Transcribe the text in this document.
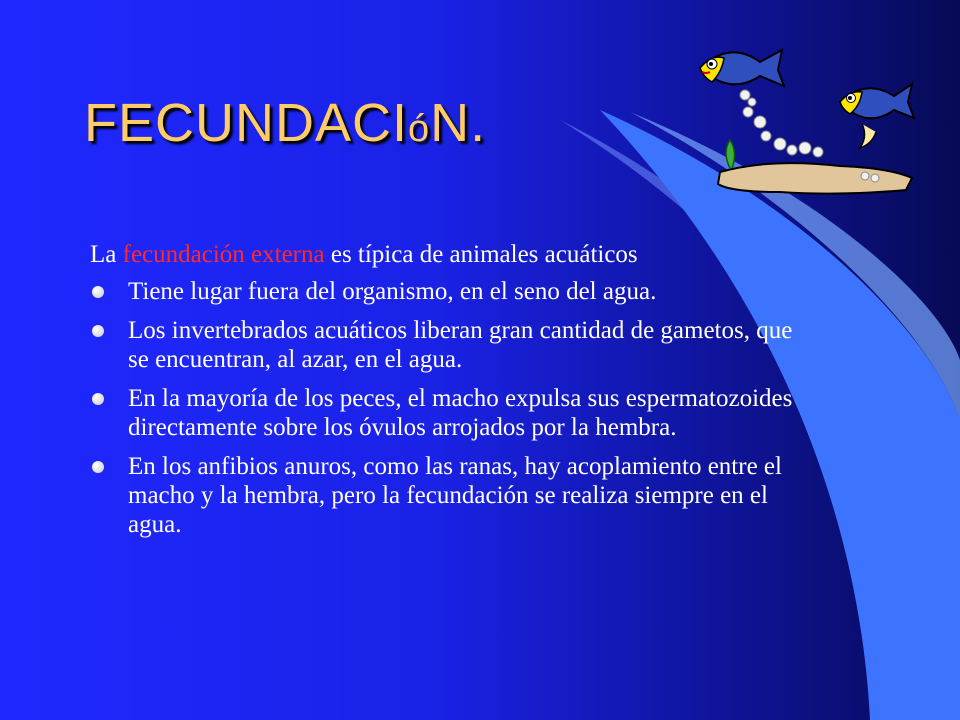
FECUNDACIóN.

La fecundación externa es típica de animales acuáticos

Tiene lugar fuera del organismo, en el seno del agua.
Los invertebrados acuáticos liberan gran cantidad de gametos, que se encuentran, al azar, en el agua.
En la mayoría de los peces, el macho expulsa sus espermatozoides directamente sobre los óvulos arrojados por la hembra.
En los anfibios anuros, como las ranas, hay acoplamiento entre el macho y la hembra, pero la fecundación se realiza siempre en el agua.
